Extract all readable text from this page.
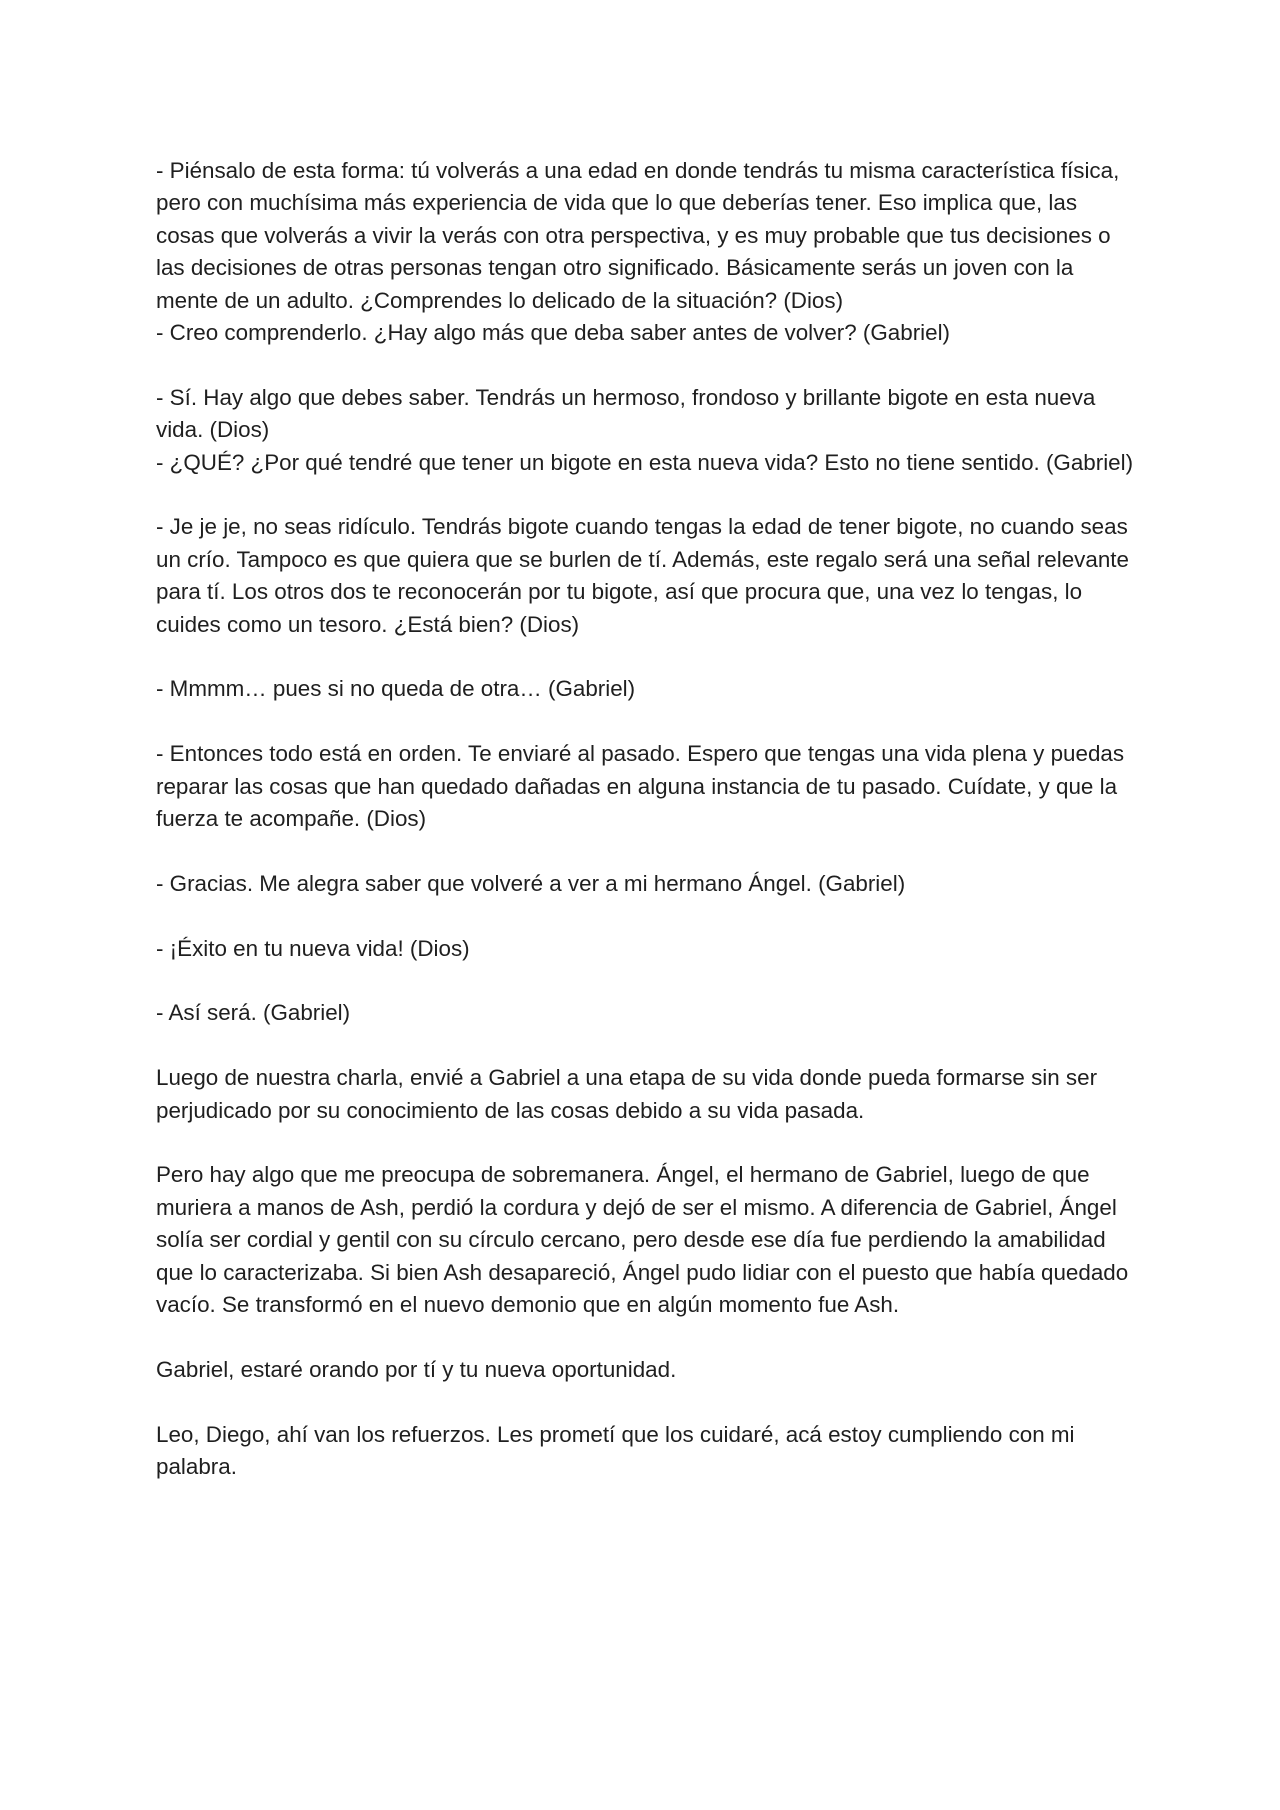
- Piénsalo de esta forma: tú volverás a una edad en donde tendrás tu misma característica física, pero con muchísima más experiencia de vida que lo que deberías tener. Eso implica que, las cosas que volverás a vivir la verás con otra perspectiva, y es muy probable que tus decisiones o las decisiones de otras personas tengan otro significado. Básicamente serás un joven con la mente de un adulto. ¿Comprendes lo delicado de la situación? (Dios)

- Creo comprenderlo. ¿Hay algo más que deba saber antes de volver? (Gabriel)

- Sí. Hay algo que debes saber. Tendrás un hermoso, frondoso y brillante bigote en esta nueva vida. (Dios)

- ¿QUÉ? ¿Por qué tendré que tener un bigote en esta nueva vida? Esto no tiene sentido. (Gabriel)

- Je je je, no seas ridículo. Tendrás bigote cuando tengas la edad de tener bigote, no cuando seas un crío. Tampoco es que quiera que se burlen de tí. Además, este regalo será una señal relevante para tí. Los otros dos te reconocerán por tu bigote, así que procura que, una vez lo tengas, lo cuides como un tesoro. ¿Está bien? (Dios)

- Mmmm… pues si no queda de otra… (Gabriel)

- Entonces todo está en orden. Te enviaré al pasado. Espero que tengas una vida plena y puedas reparar las cosas que han quedado dañadas en alguna instancia de tu pasado. Cuídate, y que la fuerza te acompañe. (Dios)

- Gracias. Me alegra saber que volveré a ver a mi hermano Ángel. (Gabriel)

- ¡Éxito en tu nueva vida! (Dios)

- Así será. (Gabriel)

Luego de nuestra charla, envié a Gabriel a una etapa de su vida donde pueda formarse sin ser perjudicado por su conocimiento de las cosas debido a su vida pasada.

Pero hay algo que me preocupa de sobremanera. Ángel, el hermano de Gabriel, luego de que muriera a manos de Ash, perdió la cordura y dejó de ser el mismo. A diferencia de Gabriel, Ángel solía ser cordial y gentil con su círculo cercano, pero desde ese día fue perdiendo la amabilidad que lo caracterizaba. Si bien Ash desapareció, Ángel pudo lidiar con el puesto que había quedado vacío. Se transformó en el nuevo demonio que en algún momento fue Ash.

Gabriel, estaré orando por tí y tu nueva oportunidad.

Leo, Diego, ahí van los refuerzos. Les prometí que los cuidaré, acá estoy cumpliendo con mi palabra.
